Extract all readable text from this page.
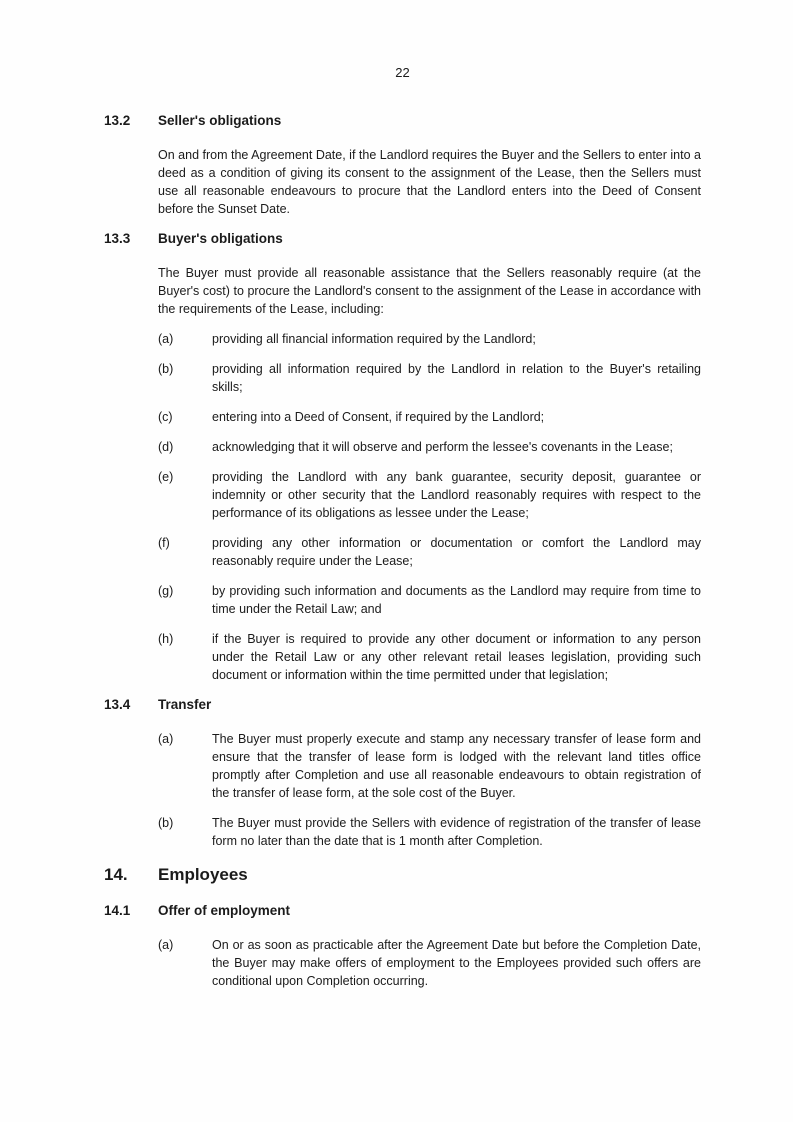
22
13.2	Seller's obligations

On and from the Agreement Date, if the Landlord requires the Buyer and the Sellers to enter into a deed as a condition of giving its consent to the assignment of the Lease, then the Sellers must use all reasonable endeavours to procure that the Landlord enters into the Deed of Consent before the Sunset Date.

13.3	Buyer's obligations

The Buyer must provide all reasonable assistance that the Sellers reasonably require (at the Buyer's cost) to procure the Landlord's consent to the assignment of the Lease in accordance with the requirements of the Lease, including:

(a)	providing all financial information required by the Landlord;
(b)	providing all information required by the Landlord in relation to the Buyer's retailing skills;
(c)	entering into a Deed of Consent, if required by the Landlord;
(d)	acknowledging that it will observe and perform the lessee's covenants in the Lease;
(e)	providing the Landlord with any bank guarantee, security deposit, guarantee or indemnity or other security that the Landlord reasonably requires with respect to the performance of its obligations as lessee under the Lease;
(f)	providing any other information or documentation or comfort the Landlord may reasonably require under the Lease;
(g)	by providing such information and documents as the Landlord may require from time to time under the Retail Law; and
(h)	if the Buyer is required to provide any other document or information to any person under the Retail Law or any other relevant retail leases legislation, providing such document or information within the time permitted under that legislation;
13.4	Transfer
(a)	The Buyer must properly execute and stamp any necessary transfer of lease form and ensure that the transfer of lease form is lodged with the relevant land titles office promptly after Completion and use all reasonable endeavours to obtain registration of the transfer of lease form, at the sole cost of the Buyer.
(b)	The Buyer must provide the Sellers with evidence of registration of the transfer of lease form no later than the date that is 1 month after Completion.
14.	Employees
14.1	Offer of employment
(a)	On or as soon as practicable after the Agreement Date but before the Completion Date, the Buyer may make offers of employment to the Employees provided such offers are conditional upon Completion occurring.
